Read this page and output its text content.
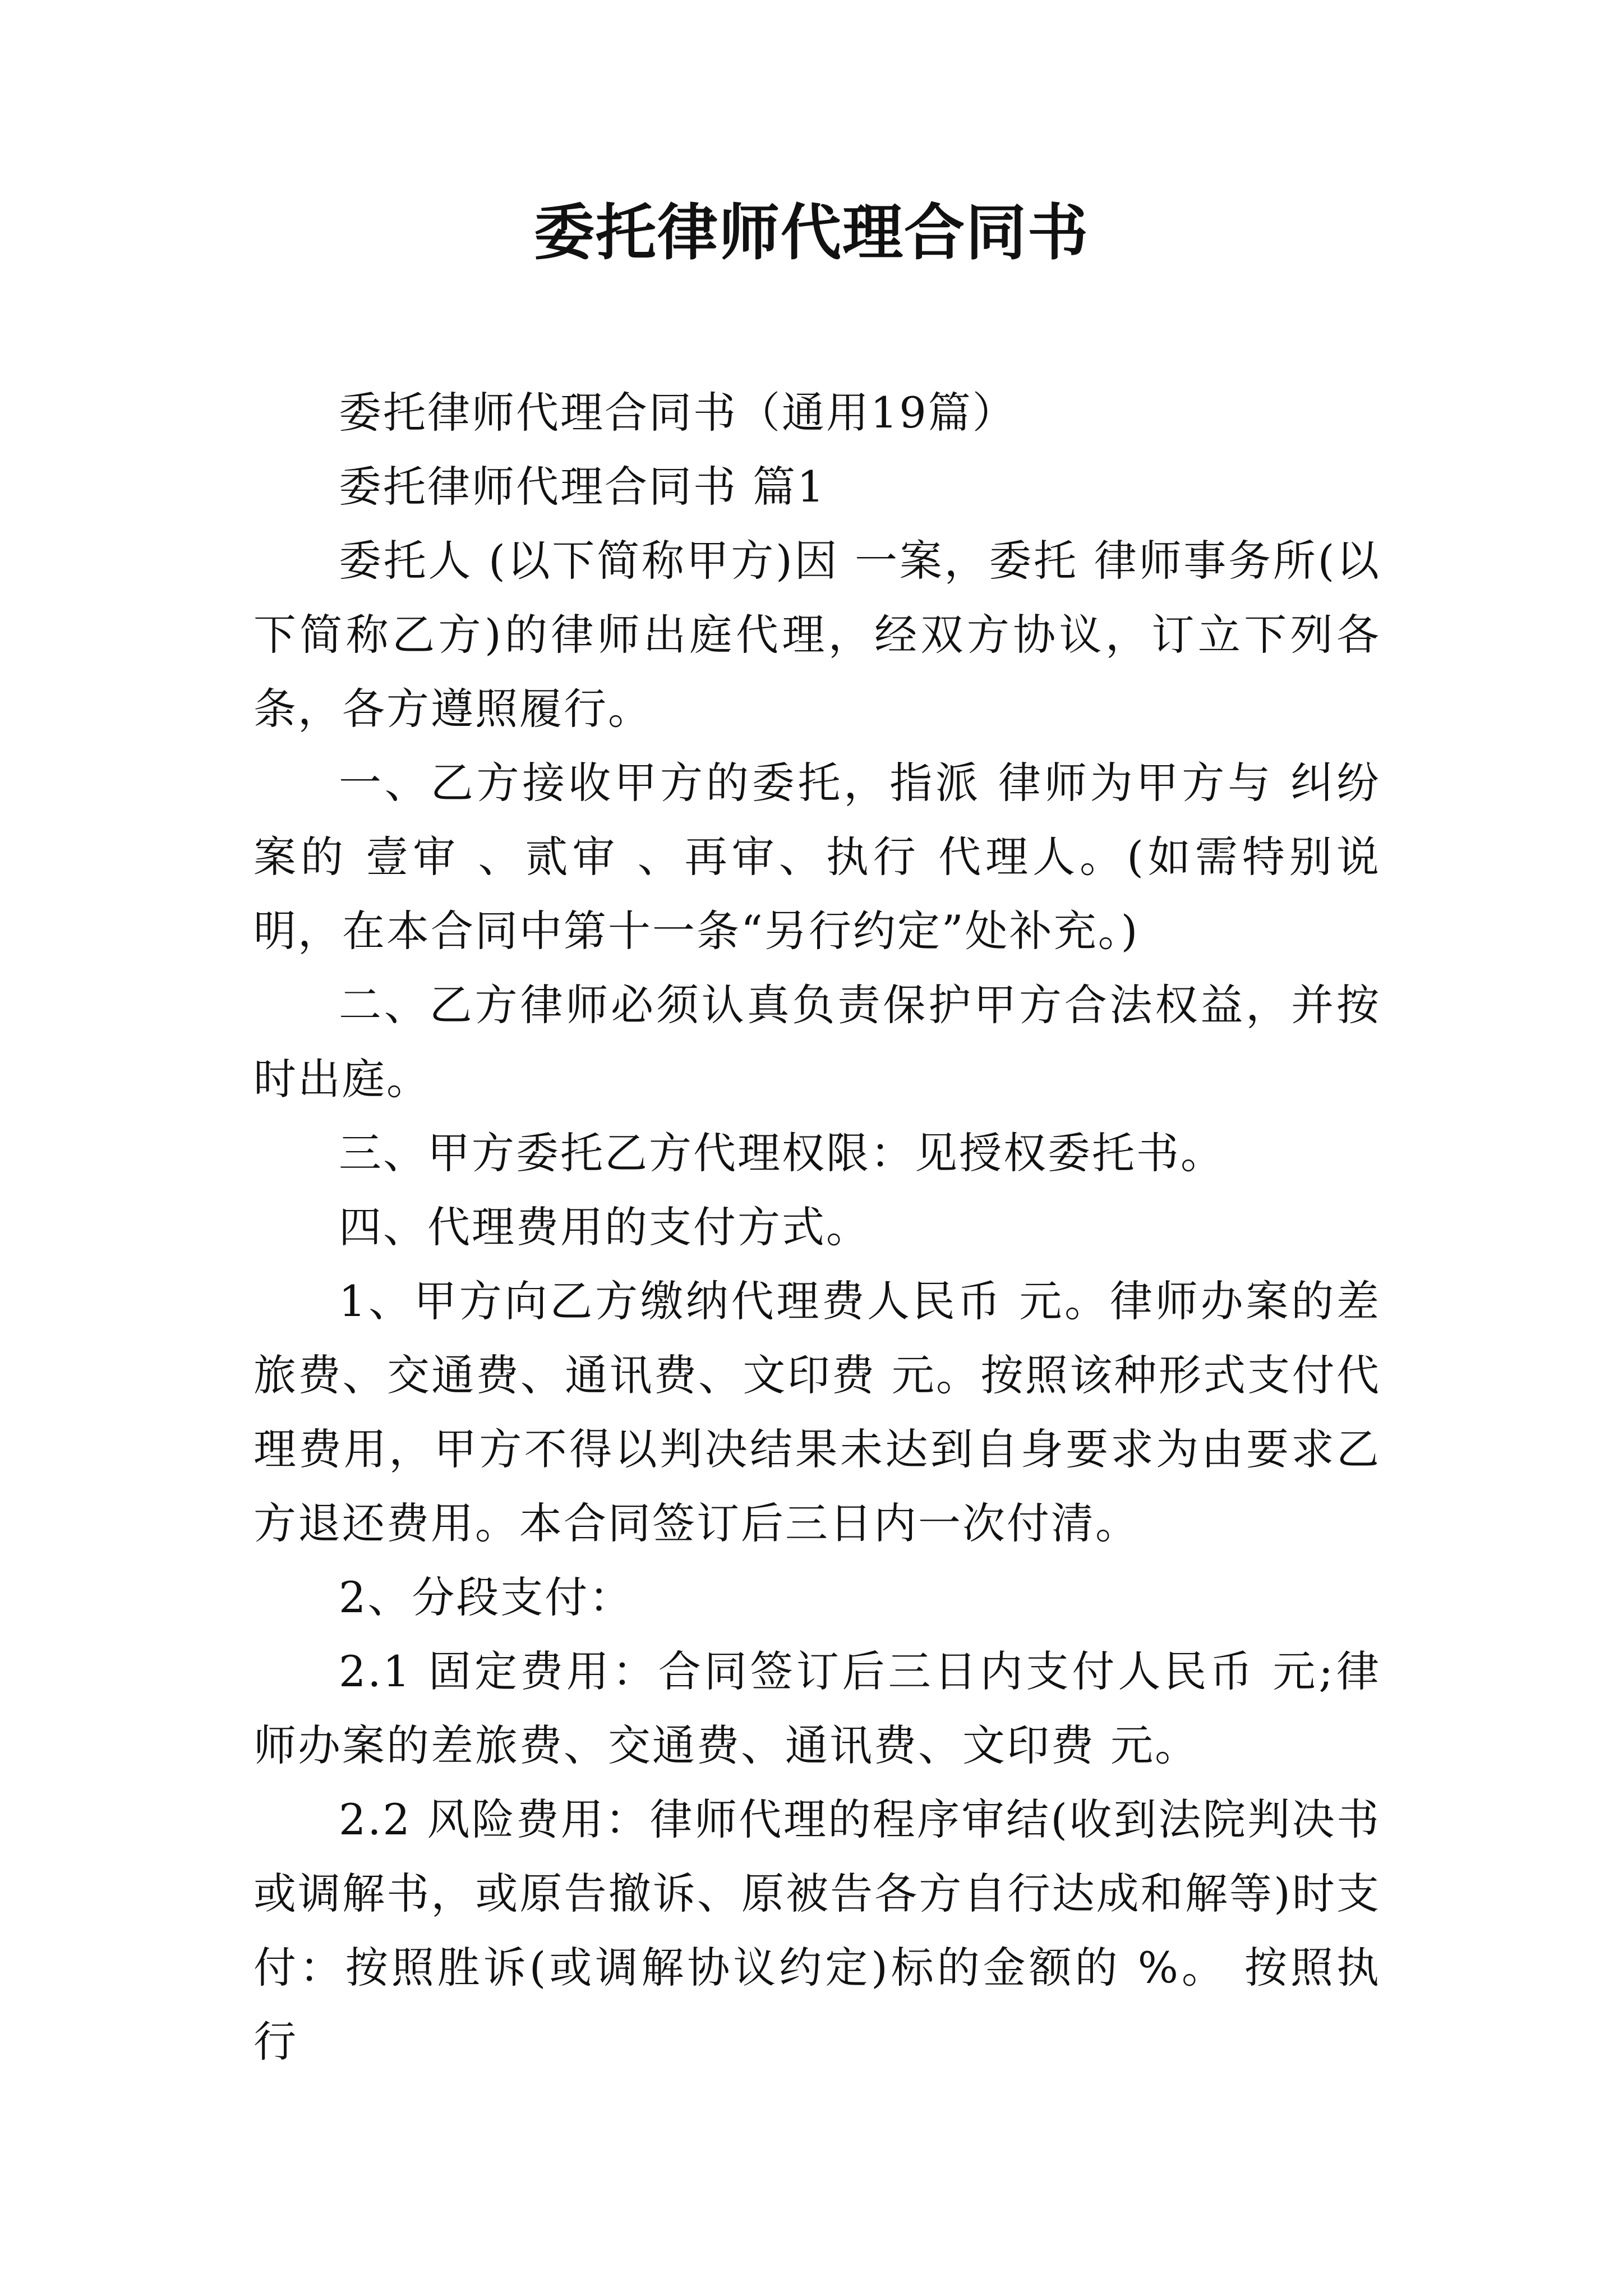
委托律师代理合同书

委托律师代理合同书（通用19篇）

委托律师代理合同书 篇1

委托人 (以下简称甲方)因 一案，委托 律师事务所(以下简称乙方)的律师出庭代理，经双方协议，订立下列各条，各方遵照履行。

一、乙方接收甲方的委托，指派 律师为甲方与 纠纷案的 壹审 、贰审 、再审、执行 代理人。(如需特别说明，在本合同中第十一条“另行约定”处补充。)

二、乙方律师必须认真负责保护甲方合法权益，并按时出庭。

三、甲方委托乙方代理权限：见授权委托书。

四、代理费用的支付方式。

1、甲方向乙方缴纳代理费人民币 元。律师办案的差旅费、交通费、通讯费、文印费 元。按照该种形式支付代理费用，甲方不得以判决结果未达到自身要求为由要求乙方退还费用。本合同签订后三日内一次付清。

2、分段支付：

2.1 固定费用：合同签订后三日内支付人民币 元;律师办案的差旅费、交通费、通讯费、文印费 元。

2.2 风险费用：律师代理的程序审结(收到法院判决书或调解书，或原告撤诉、原被告各方自行达成和解等)时支付：按照胜诉(或调解协议约定)标的金额的 %。 按照执行
